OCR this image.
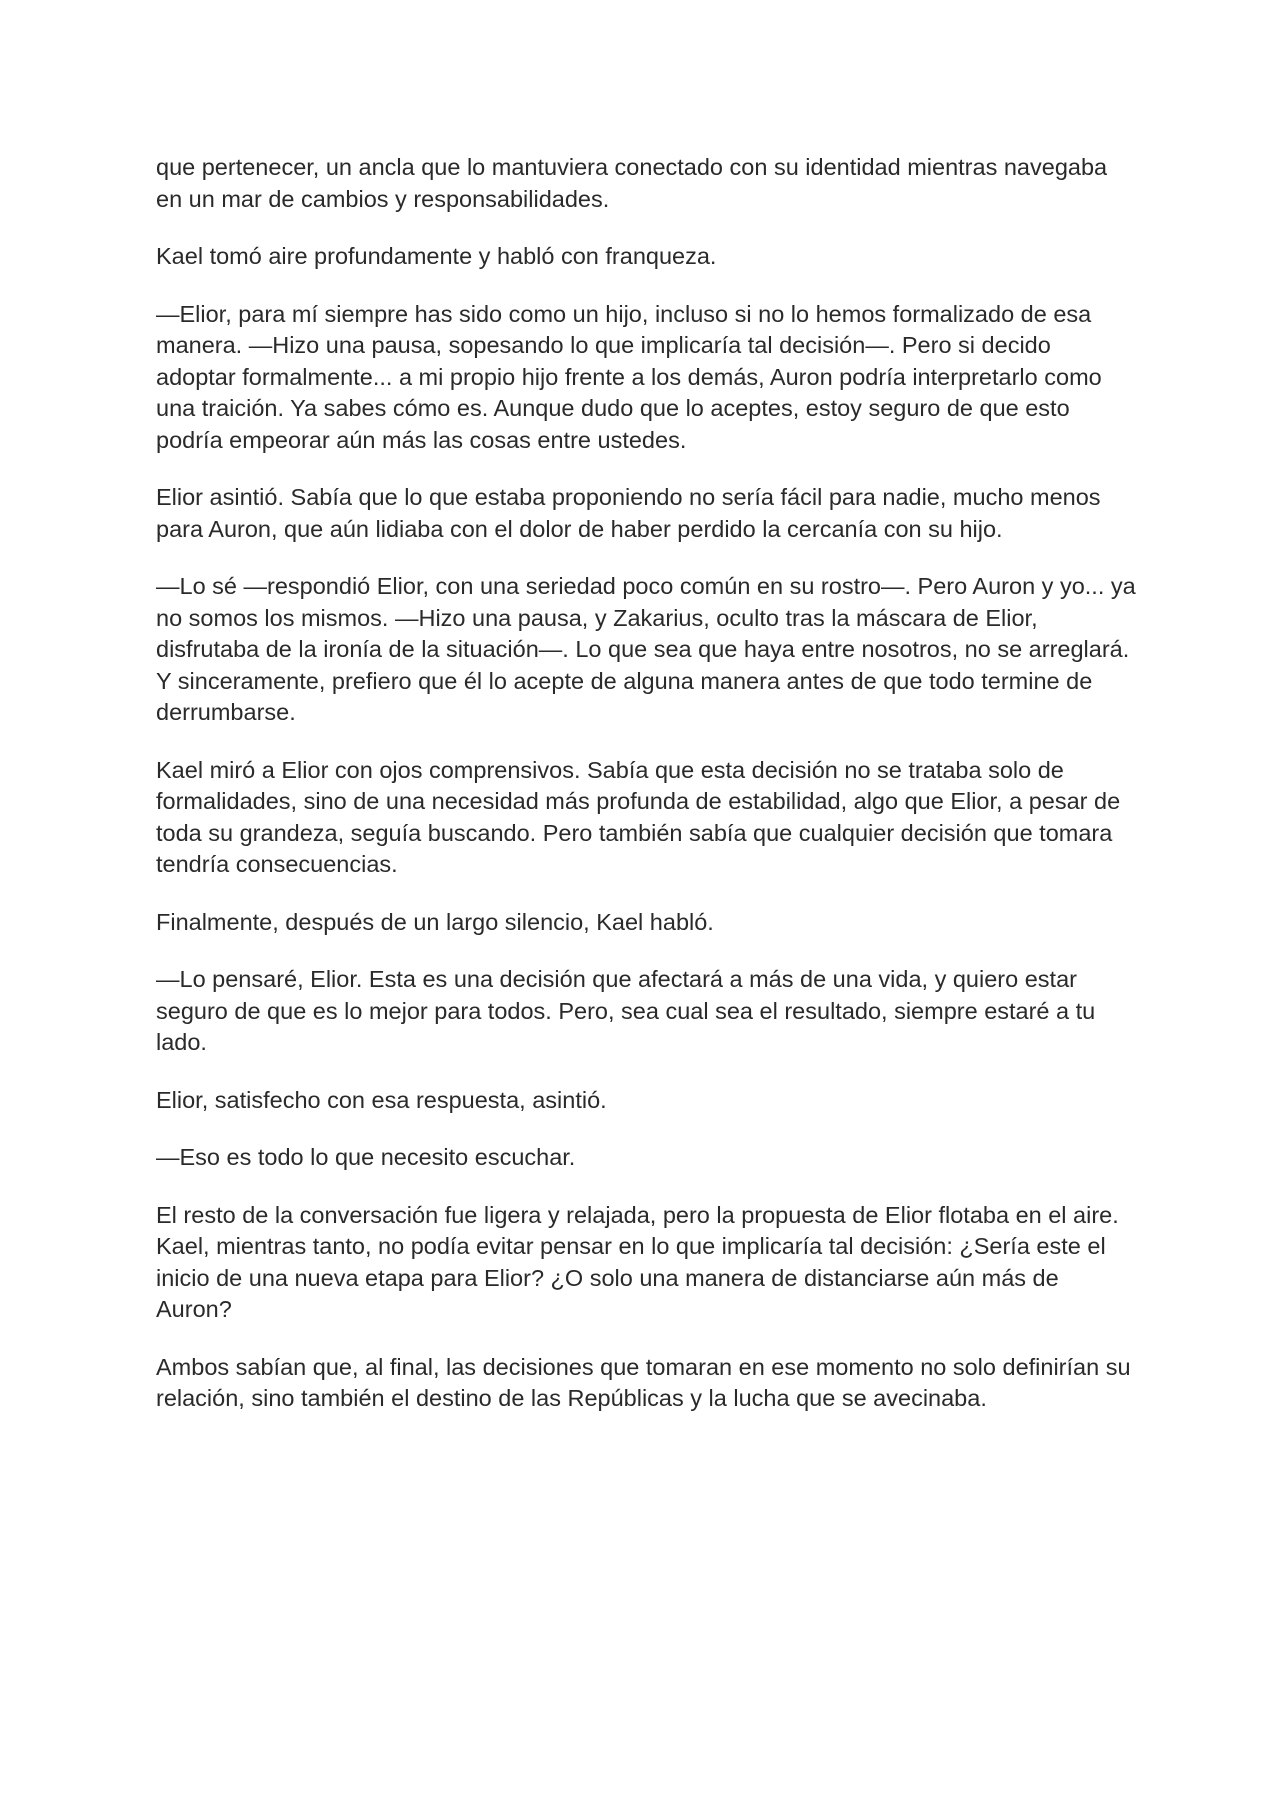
que pertenecer, un ancla que lo mantuviera conectado con su identidad mientras navegaba en un mar de cambios y responsabilidades.

Kael tomó aire profundamente y habló con franqueza.

—Elior, para mí siempre has sido como un hijo, incluso si no lo hemos formalizado de esa manera. —Hizo una pausa, sopesando lo que implicaría tal decisión—. Pero si decido adoptar formalmente... a mi propio hijo frente a los demás, Auron podría interpretarlo como una traición. Ya sabes cómo es. Aunque dudo que lo aceptes, estoy seguro de que esto podría empeorar aún más las cosas entre ustedes.

Elior asintió. Sabía que lo que estaba proponiendo no sería fácil para nadie, mucho menos para Auron, que aún lidiaba con el dolor de haber perdido la cercanía con su hijo.

—Lo sé —respondió Elior, con una seriedad poco común en su rostro—. Pero Auron y yo... ya no somos los mismos. —Hizo una pausa, y Zakarius, oculto tras la máscara de Elior, disfrutaba de la ironía de la situación—. Lo que sea que haya entre nosotros, no se arreglará. Y sinceramente, prefiero que él lo acepte de alguna manera antes de que todo termine de derrumbarse.

Kael miró a Elior con ojos comprensivos. Sabía que esta decisión no se trataba solo de formalidades, sino de una necesidad más profunda de estabilidad, algo que Elior, a pesar de toda su grandeza, seguía buscando. Pero también sabía que cualquier decisión que tomara tendría consecuencias.

Finalmente, después de un largo silencio, Kael habló.

—Lo pensaré, Elior. Esta es una decisión que afectará a más de una vida, y quiero estar seguro de que es lo mejor para todos. Pero, sea cual sea el resultado, siempre estaré a tu lado.

Elior, satisfecho con esa respuesta, asintió.

—Eso es todo lo que necesito escuchar.

El resto de la conversación fue ligera y relajada, pero la propuesta de Elior flotaba en el aire. Kael, mientras tanto, no podía evitar pensar en lo que implicaría tal decisión: ¿Sería este el inicio de una nueva etapa para Elior? ¿O solo una manera de distanciarse aún más de Auron?

Ambos sabían que, al final, las decisiones que tomaran en ese momento no solo definirían su relación, sino también el destino de las Repúblicas y la lucha que se avecinaba.
